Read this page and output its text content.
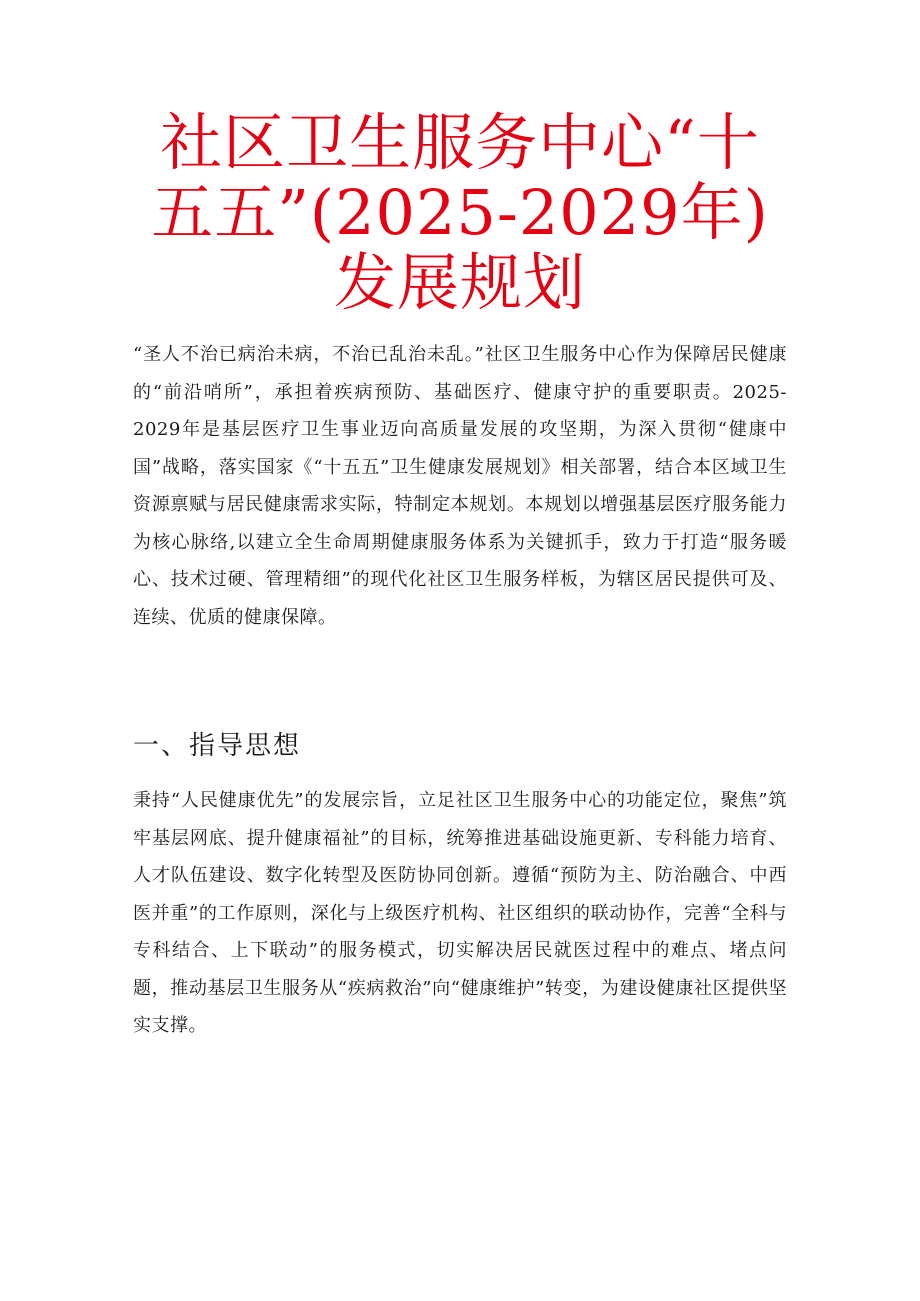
社区卫生服务中心“十五五”(2025-2029年)发展规划

“圣人不治已病治未病，不治已乱治未乱。”社区卫生服务中心作为保障居民健康的“前沿哨所”，承担着疾病预防、基础医疗、健康守护的重要职责。2025-2029年是基层医疗卫生事业迈向高质量发展的攻坚期，为深入贯彻“健康中国”战略，落实国家《“十五五”卫生健康发展规划》相关部署，结合本区域卫生资源禀赋与居民健康需求实际，特制定本规划。本规划以增强基层医疗服务能力为核心脉络,以建立全生命周期健康服务体系为关键抓手，致力于打造“服务暖心、技术过硬、管理精细”的现代化社区卫生服务样板，为辖区居民提供可及、连续、优质的健康保障。

一、指导思想

秉持“人民健康优先”的发展宗旨，立足社区卫生服务中心的功能定位，聚焦”筑牢基层网底、提升健康福祉”的目标，统筹推进基础设施更新、专科能力培育、人才队伍建设、数字化转型及医防协同创新。遵循“预防为主、防治融合、中西医并重”的工作原则，深化与上级医疗机构、社区组织的联动协作，完善“全科与专科结合、上下联动”的服务模式，切实解决居民就医过程中的难点、堵点问题，推动基层卫生服务从“疾病救治”向“健康维护”转变，为建设健康社区提供坚实支撑。
